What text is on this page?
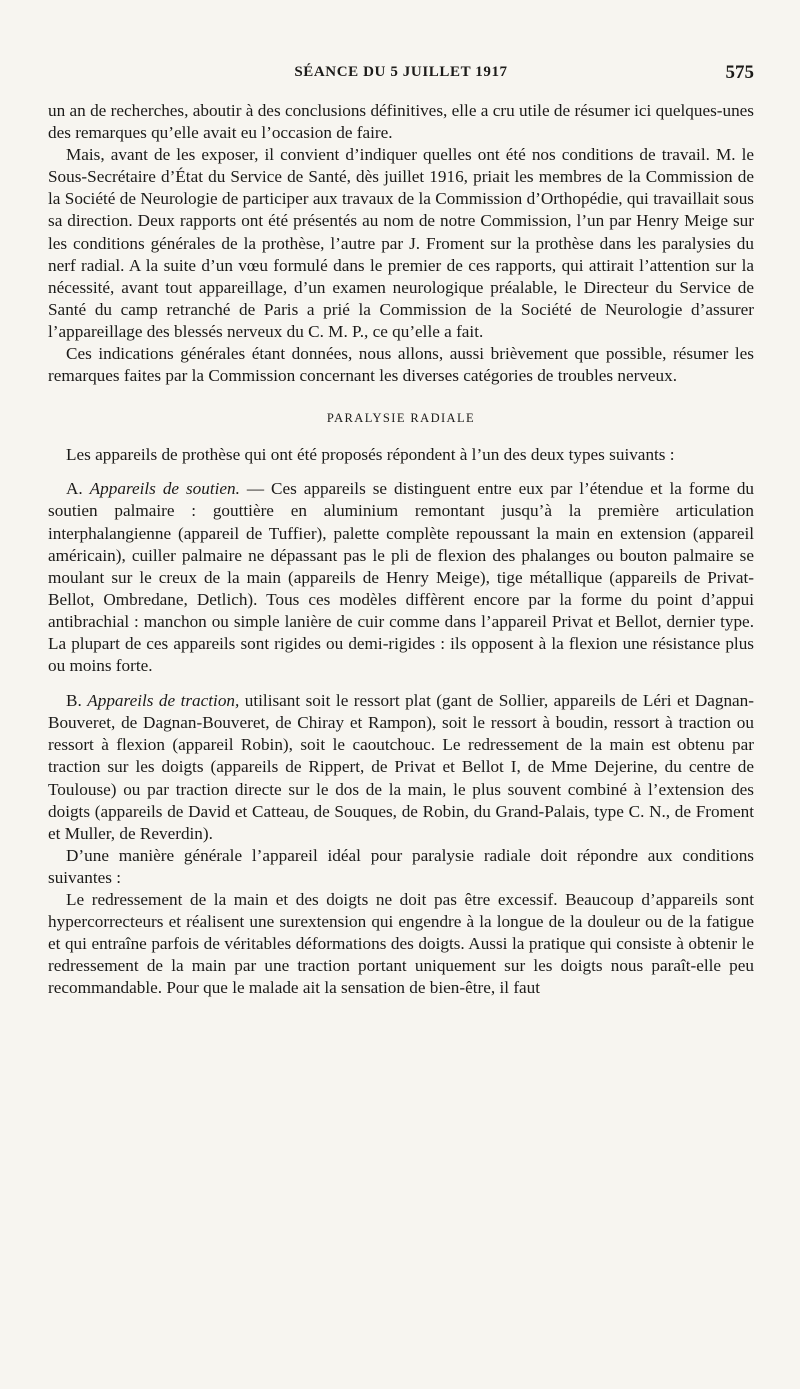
SÉANCE DU 5 JUILLET 1917	575

un an de recherches, aboutir à des conclusions définitives, elle a cru utile de résumer ici quelques-unes des remarques qu’elle avait eu l’occasion de faire.

Mais, avant de les exposer, il convient d’indiquer quelles ont été nos conditions de travail. M. le Sous-Secrétaire d’État du Service de Santé, dès juillet 1916, priait les membres de la Commission de la Société de Neurologie de participer aux travaux de la Commission d’Orthopédie, qui travaillait sous sa direction. Deux rapports ont été présentés au nom de notre Commission, l’un par Henry Meige sur les conditions générales de la prothèse, l’autre par J. Froment sur la prothèse dans les paralysies du nerf radial. A la suite d’un vœu formulé dans le premier de ces rapports, qui attirait l’attention sur la nécessité, avant tout appareillage, d’un examen neurologique préalable, le Directeur du Service de Santé du camp retranché de Paris a prié la Commission de la Société de Neurologie d’assurer l’appareillage des blessés nerveux du C. M. P., ce qu’elle a fait.

Ces indications générales étant données, nous allons, aussi brièvement que possible, résumer les remarques faites par la Commission concernant les diverses catégories de troubles nerveux.

PARALYSIE RADIALE

Les appareils de prothèse qui ont été proposés répondent à l’un des deux types suivants :

A. Appareils de soutien. — Ces appareils se distinguent entre eux par l’étendue et la forme du soutien palmaire : gouttière en aluminium remontant jusqu’à la première articulation interphalangienne (appareil de Tuffier), palette complète repoussant la main en extension (appareil américain), cuiller palmaire ne dépassant pas le pli de flexion des phalanges ou bouton palmaire se moulant sur le creux de la main (appareils de Henry Meige), tige métallique (appareils de Privat-Bellot, Ombredane, Detlich). Tous ces modèles diffèrent encore par la forme du point d’appui antibrachial : manchon ou simple lanière de cuir comme dans l’appareil Privat et Bellot, dernier type. La plupart de ces appareils sont rigides ou demi-rigides : ils opposent à la flexion une résistance plus ou moins forte.

B. Appareils de traction, utilisant soit le ressort plat (gant de Sollier, appareils de Léri et Dagnan-Bouveret, de Dagnan-Bouveret, de Chiray et Rampon), soit le ressort à boudin, ressort à traction ou ressort à flexion (appareil Robin), soit le caoutchouc. Le redressement de la main est obtenu par traction sur les doigts (appareils de Rippert, de Privat et Bellot I, de Mme Dejerine, du centre de Toulouse) ou par traction directe sur le dos de la main, le plus souvent combiné à l’extension des doigts (appareils de David et Catteau, de Souques, de Robin, du Grand-Palais, type C. N., de Froment et Muller, de Reverdin).

D’une manière générale l’appareil idéal pour paralysie radiale doit répondre aux conditions suivantes :

Le redressement de la main et des doigts ne doit pas être excessif. Beaucoup d’appareils sont hypercorrecteurs et réalisent une surextension qui engendre à la longue de la douleur ou de la fatigue et qui entraîne parfois de véritables déformations des doigts. Aussi la pratique qui consiste à obtenir le redressement de la main par une traction portant uniquement sur les doigts nous paraît-elle peu recommandable. Pour que le malade ait la sensation de bien-être, il faut
